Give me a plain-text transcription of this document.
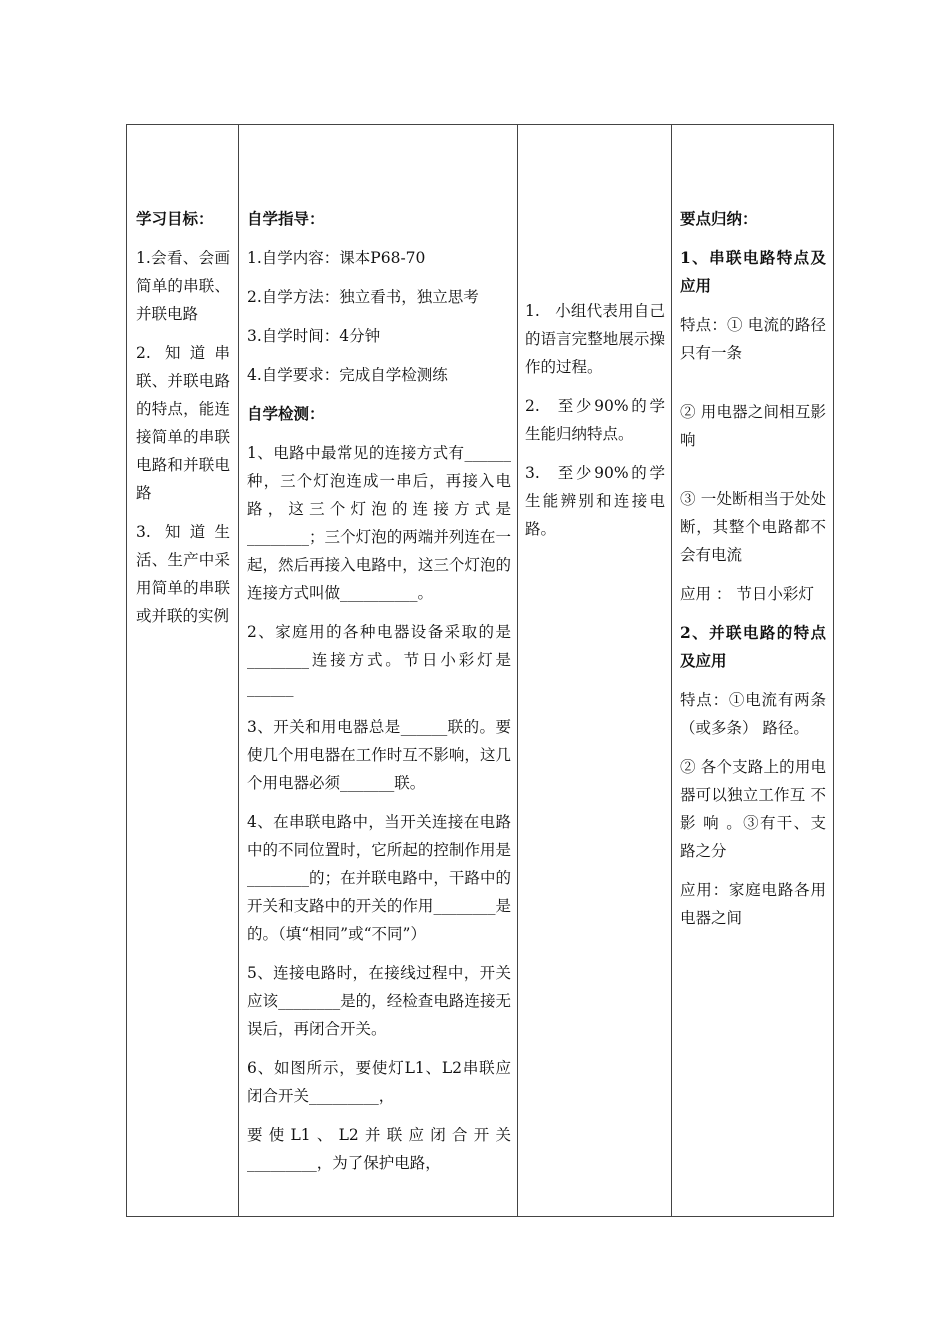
学习目标：

1.会看、会画简单的串联、并联电路

2. 知道串联、并联电路的特点，能连接简单的串联电路和并联电路

3. 知道生活、生产中采用简单的串联或并联的实例

自学指导：

1.自学内容：课本P68-70

2.自学方法：独立看书，独立思考

3.自学时间：4分钟

4.自学要求：完成自学检测练

自学检测：

1、电路中最常见的连接方式有______种，三个灯泡连成一串后，再接入电路，这三个灯泡的连接方式是________；三个灯泡的两端并列连在一起，然后再接入电路中，这三个灯泡的连接方式叫做__________。

2、家庭用的各种电器设备采取的是________连接方式。节日小彩灯是______

3、开关和用电器总是______联的。要使几个用电器在工作时互不影响，这几个用电器必须_______联。

4、在串联电路中，当开关连接在电路中的不同位置时，它所起的控制作用是________的；在并联电路中，干路中的开关和支路中的开关的作用________是的。（填“相同”或“不同”）

5、连接电路时，在接线过程中，开关应该________是的，经检查电路连接无误后，再闭合开关。

6、如图所示，要使灯L1、L2串联应闭合开关_________，

要使L1、L2并联应闭合开关_________，为了保护电路，

1. 小组代表用自己的语言完整地展示操作的过程。

2. 至少90%的学生能归纳特点。

3. 至少90%的学生能辨别和连接电路。

要点归纳：

1、串联电路特点及应用

特点：① 电流的路径只有一条

② 用电器之间相互影响

③ 一处断相当于处处断，其整个电路都不会有电流

应用 ： 节日小彩灯

2、并联电路的特点及应用

特点：①电流有两条（或多条） 路径。

② 各个支路上的用电器可以独立工作互 不 影 响 。③有干、支路之分

应用：家庭电路各用电器之间
